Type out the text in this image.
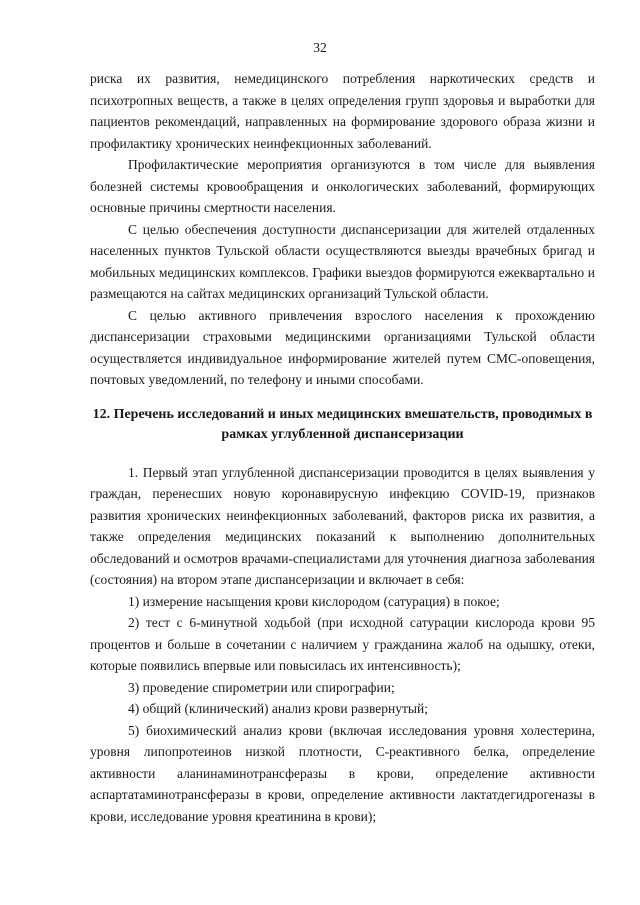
32

риска их развития, немедицинского потребления наркотических средств и психотропных веществ, а также в целях определения групп здоровья и выработки для пациентов рекомендаций, направленных на формирование здорового образа жизни и профилактику хронических неинфекционных заболеваний.

Профилактические мероприятия организуются в том числе для выявления болезней системы кровообращения и онкологических заболеваний, формирующих основные причины смертности населения.

С целью обеспечения доступности диспансеризации для жителей отдаленных населенных пунктов Тульской области осуществляются выезды врачебных бригад и мобильных медицинских комплексов. Графики выездов формируются ежеквартально и размещаются на сайтах медицинских организаций Тульской области.

С целью активного привлечения взрослого населения к прохождению диспансеризации страховыми медицинскими организациями Тульской области осуществляется индивидуальное информирование жителей путем СМС-оповещения, почтовых уведомлений, по телефону и иными способами.

12. Перечень исследований и иных медицинских вмешательств, проводимых в рамках углубленной диспансеризации

1. Первый этап углубленной диспансеризации проводится в целях выявления у граждан, перенесших новую коронавирусную инфекцию COVID-19, признаков развития хронических неинфекционных заболеваний, факторов риска их развития, а также определения медицинских показаний к выполнению дополнительных обследований и осмотров врачами-специалистами для уточнения диагноза заболевания (состояния) на втором этапе диспансеризации и включает в себя:

1) измерение насыщения крови кислородом (сатурация) в покое;

2) тест с 6-минутной ходьбой (при исходной сатурации кислорода крови 95 процентов и больше в сочетании с наличием у гражданина жалоб на одышку, отеки, которые появились впервые или повысилась их интенсивность);

3) проведение спирометрии или спирографии;

4) общий (клинический) анализ крови развернутый;

5) биохимический анализ крови (включая исследования уровня холестерина, уровня липопротеинов низкой плотности, С-реактивного белка, определение активности аланинаминотрансферазы в крови, определение активности аспартатаминотрансферазы в крови, определение активности лактатдегидрогеназы в крови, исследование уровня креатинина в крови);
